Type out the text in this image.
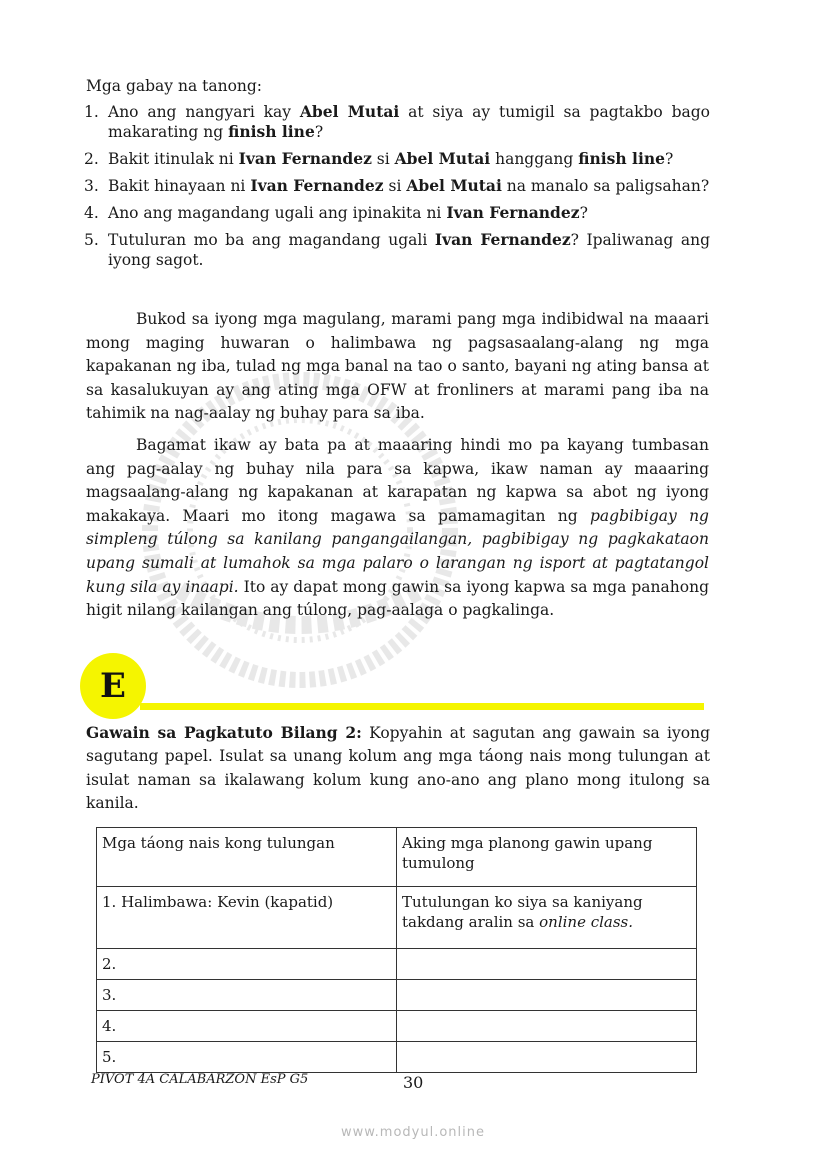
Mga gabay na tanong:
1. Ano ang nangyari kay Abel Mutai at siya ay tumigil sa pagtakbo bago makarating ng finish line?
2. Bakit itinulak ni Ivan Fernandez si Abel Mutai hanggang finish line?
3. Bakit hinayaan ni Ivan Fernandez si Abel Mutai na manalo sa paligsahan?
4. Ano ang magandang ugali ang ipinakita ni Ivan Fernandez?
5. Tutuluran mo ba ang magandang ugali Ivan Fernandez? Ipaliwanag ang iyong sagot.

Bukod sa iyong mga magulang, marami pang mga indibidwal na maaari mong maging huwaran o halimbawa ng pagsasaalang-alang ng mga kapakanan ng iba, tulad ng mga banal na tao o santo, bayani ng ating bansa at sa kasalukuyan ay ang ating mga OFW at fronliners at marami pang iba na tahimik na nag-aalay ng buhay para sa iba.

Bagamat ikaw ay bata pa at maaaring hindi mo pa kayang tumbasan ang pag-aalay ng buhay nila para sa kapwa, ikaw naman ay maaaring magsaalang-alang ng kapakanan at karapatan ng kapwa sa abot ng iyong makakaya. Maari mo itong magawa sa pamamagitan ng pagbibigay ng simpleng túlong sa kanilang pangangailangan, pagbibigay ng pagkakataon upang sumali at lumahok sa mga palaro o larangan ng isport at pagtatangol kung sila ay inaapi. Ito ay dapat mong gawin sa iyong kapwa sa mga panahong higit nilang kailangan ang túlong, pag-aalaga o pagkalinga.

E

Gawain sa Pagkatuto Bilang 2: Kopyahin at sagutan ang gawain sa iyong sagutang papel. Isulat sa unang kolum ang mga táong nais mong tulungan at isulat naman sa ikalawang kolum kung ano-ano ang plano mong itulong sa kanila.

Mga táong nais kong tulungan	Aking mga planong gawin upang tumulong
1. Halimbawa: Kevin (kapatid)	Tutulungan ko siya sa kaniyang takdang aralin sa online class.
2.	
3.	
4.	
5.	
PIVOT 4A CALABARZON EsP G5	30
www.modyul.online
